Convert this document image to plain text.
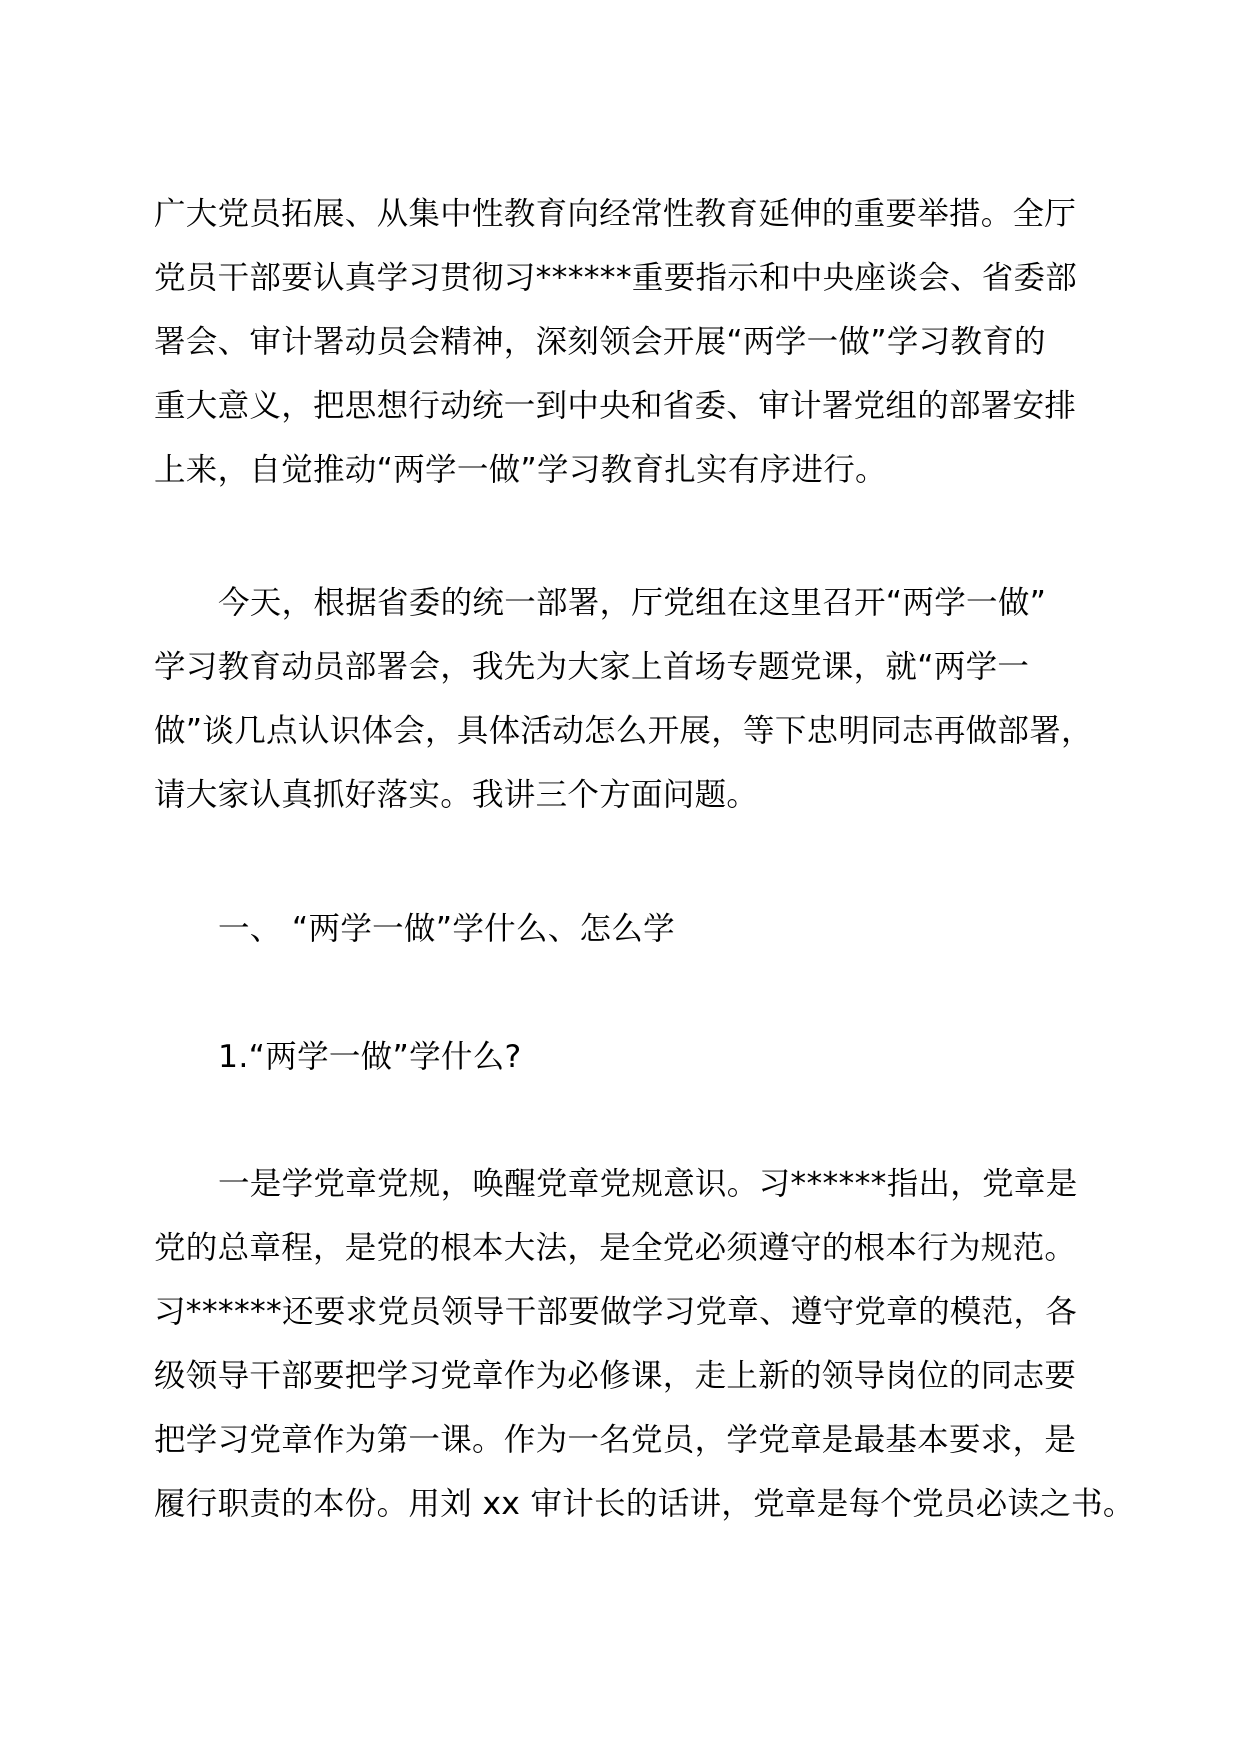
广大党员拓展、从集中性教育向经常性教育延伸的重要举措。全厅
党员干部要认真学习贯彻习******重要指示和中央座谈会、省委部
署会、审计署动员会精神，深刻领会开展“两学一做”学习教育的
重大意义，把思想行动统一到中央和省委、审计署党组的部署安排
上来，自觉推动“两学一做”学习教育扎实有序进行。
今天，根据省委的统一部署，厅党组在这里召开“两学一做”
学习教育动员部署会，我先为大家上首场专题党课，就“两学一
做”谈几点认识体会，具体活动怎么开展，等下忠明同志再做部署，
请大家认真抓好落实。我讲三个方面问题。
一、 “两学一做”学什么、怎么学
1.“两学一做”学什么?
一是学党章党规，唤醒党章党规意识。习******指出，党章是
党的总章程，是党的根本大法，是全党必须遵守的根本行为规范。
习******还要求党员领导干部要做学习党章、遵守党章的模范，各
级领导干部要把学习党章作为必修课，走上新的领导岗位的同志要
把学习党章作为第一课。作为一名党员，学党章是最基本要求，是
履行职责的本份。用刘 xx 审计长的话讲，党章是每个党员必读之书。
